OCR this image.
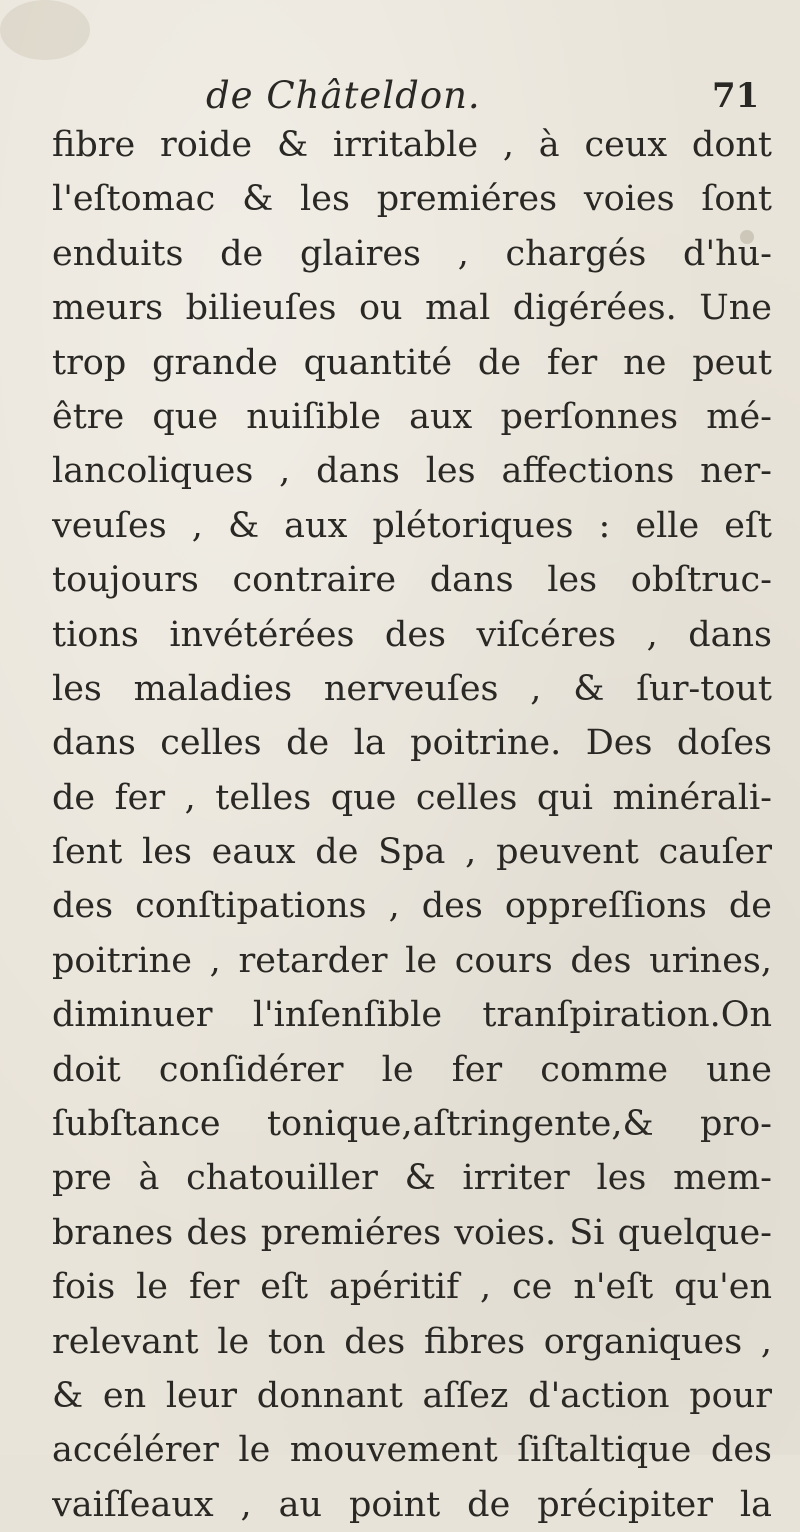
de Châteldon.	71
fibre roide & irritable , à ceux dont
l'eſtomac & les premiéres voies ſont
enduits de glaires , chargés d'hu-
meurs bilieuſes ou mal digérées. Une
trop grande quantité de fer ne peut
être que nuiſible aux perſonnes mé-
lancoliques , dans les affections ner-
veuſes , & aux plétoriques : elle eſt
toujours contraire dans les obſtruc-
tions invétérées des viſcéres , dans
les maladies nerveuſes , & ſur-tout
dans celles de la poitrine. Des doſes
de fer , telles que celles qui minérali-
ſent les eaux de Spa , peuvent cauſer
des conſtipations , des oppreſſions de
poitrine , retarder le cours des urines,
diminuer l'inſenſible tranſpiration.On
doit conſidérer le fer comme une
ſubſtance tonique,aſtringente,& pro-
pre à chatouiller & irriter les mem-
branes des premiéres voies. Si quelque-
fois le fer eſt apéritif , ce n'eſt qu'en
relevant le ton des fibres organiques ,
& en leur donnant aſſez d'action pour
accélérer le mouvement ſiſtaltique des
vaiſſeaux , au point de précipiter la
